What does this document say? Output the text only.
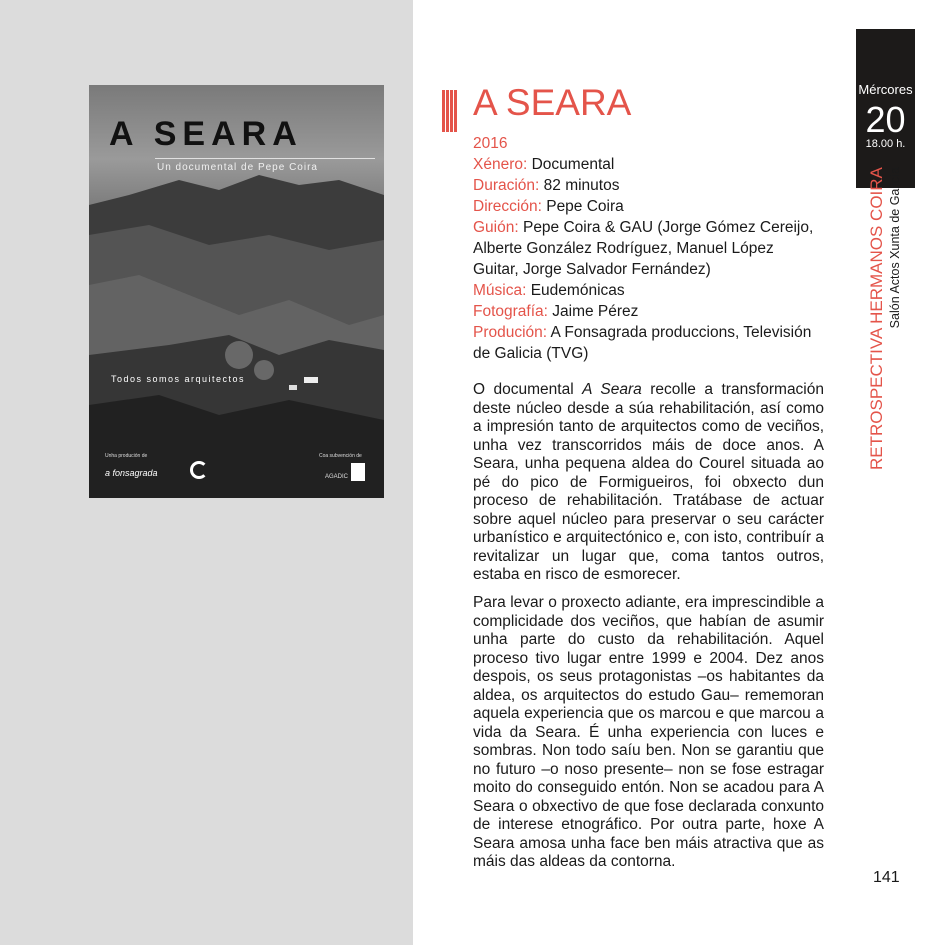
A SEARA
Un documental de Pepe Coira
Todos somos arquitectos
Unha produción de	Coa subvención de
a fonsagrada	AGADIC
A SEARA
2016
Xénero: Documental
Duración: 82 minutos
Dirección: Pepe Coira
Guión: Pepe Coira & GAU (Jorge Gómez Cereijo, Alberte González Rodríguez, Manuel López Guitar, Jorge Salvador Fernández)
Música: Eudemónicas
Fotografía: Jaime Pérez
Produción: A Fonsagrada produccions, Televisión de Galicia (TVG)
O documental A Seara recolle a transformación deste núcleo desde a súa rehabilitación, así como a impresión tanto de arquitectos como de veciños, unha vez transcorridos máis de doce anos. A Seara, unha pequena aldea do Courel situada ao pé do pico de Formigueiros, foi obxecto dun proceso de rehabilitación. Tratábase de actuar sobre aquel núcleo para preservar o seu carácter urbanístico e arquitectónico e, con isto, contribuír a revitalizar un lugar que, coma tantos outros, estaba en risco de esmorecer.
Para levar o proxecto adiante, era imprescindible a complicidade dos veciños, que habían de asumir unha parte do custo da rehabilitación. Aquel proceso tivo lugar entre 1999 e 2004. Dez anos despois, os seus protagonistas –os habitantes da aldea, os arquitectos do estudo Gau– rememoran aquela experiencia que os marcou e que marcou a vida da Seara. É unha experiencia con luces e sombras. Non todo saíu ben. Non se garantiu que no futuro –o noso presente– non se fose estragar moito do conseguido entón. Non se acadou para A Seara o obxectivo de que fose declarada conxunto de interese etnográfico. Por outra parte, hoxe A Seara amosa unha face ben máis atractiva que as máis das aldeas da contorna.
Mércores
20
18.00 h.
RETROSPECTIVA HERMANOS COIRA Salón Actos Xunta de Galicia
141
